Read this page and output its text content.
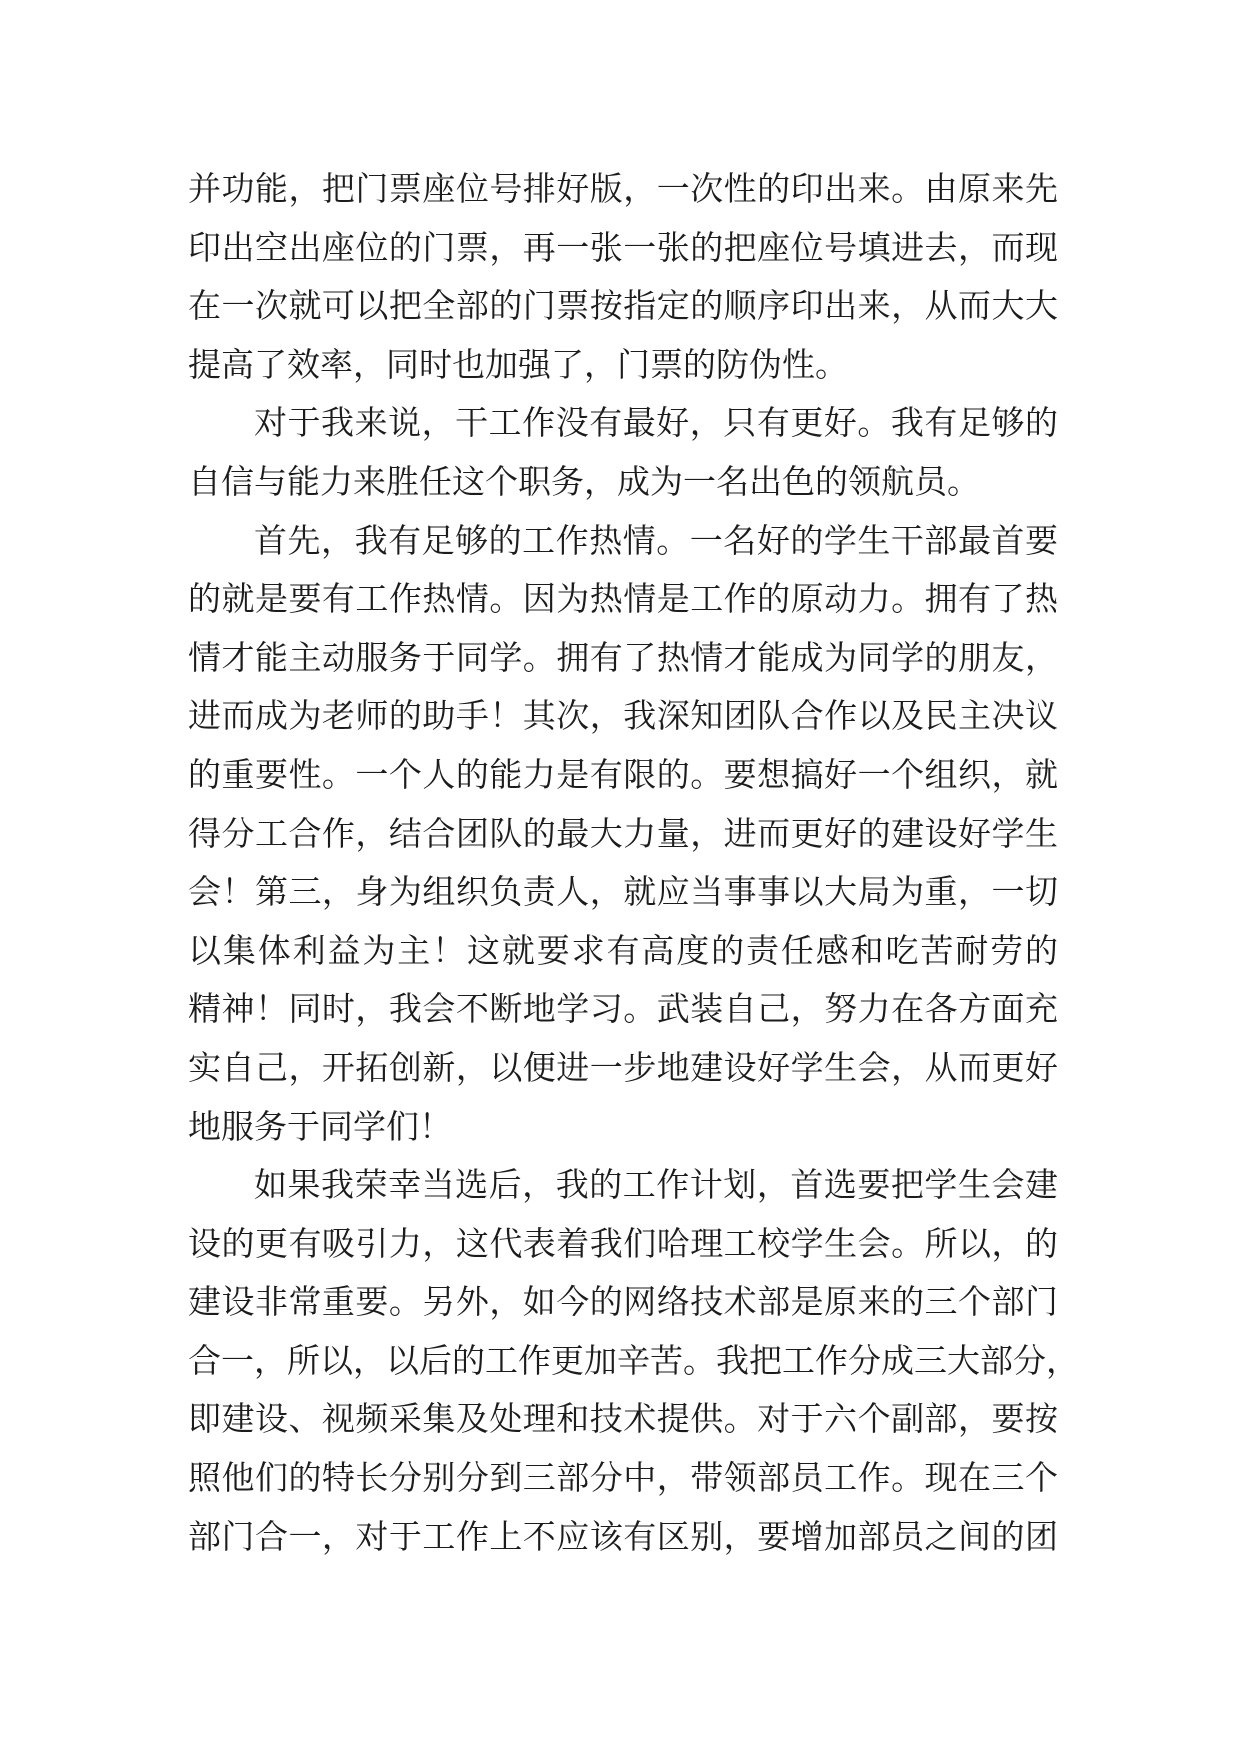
并功能，把门票座位号排好版，一次性的印出来。由原来先
印出空出座位的门票，再一张一张的把座位号填进去，而现
在一次就可以把全部的门票按指定的顺序印出来，从而大大
提高了效率，同时也加强了，门票的防伪性。
对于我来说，干工作没有最好，只有更好。我有足够的
自信与能力来胜任这个职务，成为一名出色的领航员。
首先，我有足够的工作热情。一名好的学生干部最首要
的就是要有工作热情。因为热情是工作的原动力。拥有了热
情才能主动服务于同学。拥有了热情才能成为同学的朋友，
进而成为老师的助手！其次，我深知团队合作以及民主决议
的重要性。一个人的能力是有限的。要想搞好一个组织，就
得分工合作，结合团队的最大力量，进而更好的建设好学生
会！第三，身为组织负责人，就应当事事以大局为重，一切
以集体利益为主！这就要求有高度的责任感和吃苦耐劳的
精神！同时，我会不断地学习。武装自己，努力在各方面充
实自己，开拓创新，以便进一步地建设好学生会，从而更好
地服务于同学们！
如果我荣幸当选后，我的工作计划，首选要把学生会建
设的更有吸引力，这代表着我们哈理工校学生会。所以，的
建设非常重要。另外，如今的网络技术部是原来的三个部门
合一，所以，以后的工作更加辛苦。我把工作分成三大部分，
即建设、视频采集及处理和技术提供。对于六个副部，要按
照他们的特长分别分到三部分中，带领部员工作。现在三个
部门合一，对于工作上不应该有区别，要增加部员之间的团
